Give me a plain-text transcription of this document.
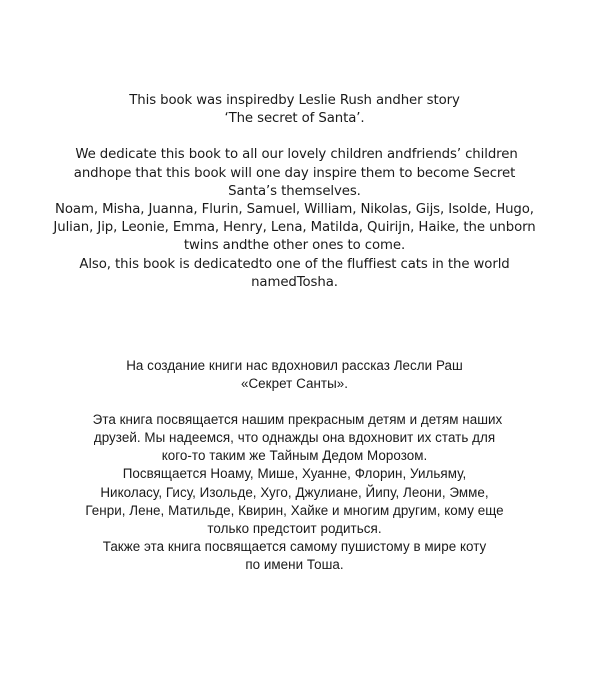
This book was inspiredby Leslie Rush andher story
‘The secret of Santa’.
We dedicate this book to all our lovely children andfriends’ children
andhope that this book will one day inspire them to become Secret
Santa’s themselves.
Noam, Misha, Juanna, Flurin, Samuel, William, Nikolas, Gijs, Isolde, Hugo,
Julian, Jip, Leonie, Emma, Henry, Lena, Matilda, Quirijn, Haike, the unborn
twins andthe other ones to come.
Also, this book is dedicatedto one of the fluffiest cats in the world
namedTosha.
На создание книги нас вдохновил рассказ Лесли Раш
«Секрет Санты».
Эта книга посвящается нашим прекрасным детям и детям наших
друзей. Мы надеемся, что однажды она вдохновит их стать для
кого-то таким же Тайным Дедом Морозом.
Посвящается Ноаму, Мише, Хуанне, Флорин, Уильяму,
Николасу, Гису, Изольде, Хуго, Джулиане, Йипу, Леони, Эмме,
Генри, Лене, Матильде, Квирин, Хайке и многим другим, кому еще
только предстоит родиться.
Также эта книга посвящается самому пушистому в мире коту
по имени Тоша.
